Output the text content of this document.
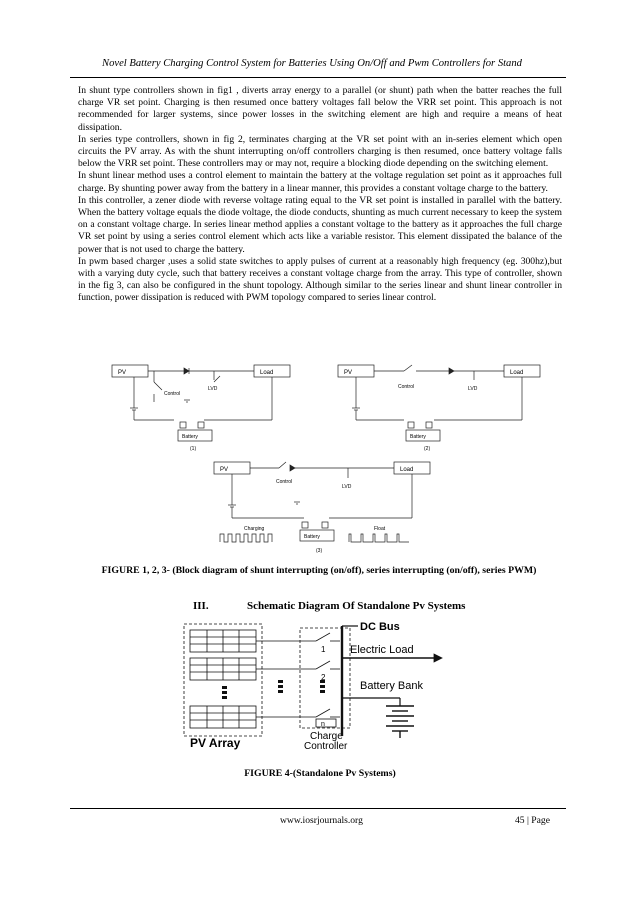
Novel Battery Charging Control System for Batteries Using On/Off and Pwm Controllers for Stand

In shunt type controllers shown in fig1 , diverts array energy to a parallel (or shunt) path when the batter reaches the full charge VR set point. Charging is then resumed once battery voltages fall below the VRR set point. This approach is not recommended for larger systems, since power losses in the switching element are high and require a means of heat dissipation.

In series type controllers, shown in fig 2, terminates charging at the VR set point with an in-series element which open circuits the PV array. As with the shunt interrupting on/off controllers charging is then resumed, once battery voltage falls below the VRR set point. These controllers may or may not, require a blocking diode depending on the switching element.

In shunt linear method uses a control element to maintain the battery at the voltage regulation set point as it approaches full charge. By shunting power away from the battery in a linear manner, this provides a constant voltage charge to the battery.

In this controller, a zener diode with reverse voltage rating equal to the VR set point is installed in parallel with the battery. When the battery voltage equals the diode voltage, the diode conducts, shunting as much current necessary to keep the system on a constant voltage charge. In series linear method applies a constant voltage to the battery as it approaches the full charge VR set point by using a series control element which acts like a variable resistor. This element dissipated the balance of the power that is not used to charge the battery.

In pwm based charger ,uses a solid state switches to apply pulses of current at a reasonably high frequency (eg. 300hz),but with a varying duty cycle, such that battery receives a constant voltage charge from the array. This type of controller, shown in the fig 3, can also be configured in the shunt topology. Although similar to the series linear and shunt linear controller in function, power dissipation is reduced with PWM topology compared to series linear control.

PV	Load
LVD
Control
Battery
(1)
PV	Load
Control	LVD
Battery
(2)
PV	Load
Control
LVD
Charging
Battery
(3)
Float
FIGURE 1, 2, 3- (Block diagram of shunt interrupting (on/off), series interrupting (on/off), series PWM)
III.	Schematic Diagram Of Standalone Pv Systems
PV Array
1
2
n
Charge
Controller
DC Bus
Electric Load
Battery Bank
FIGURE 4-(Standalone Pv Systems)
www.iosrjournals.org	45 | Page
